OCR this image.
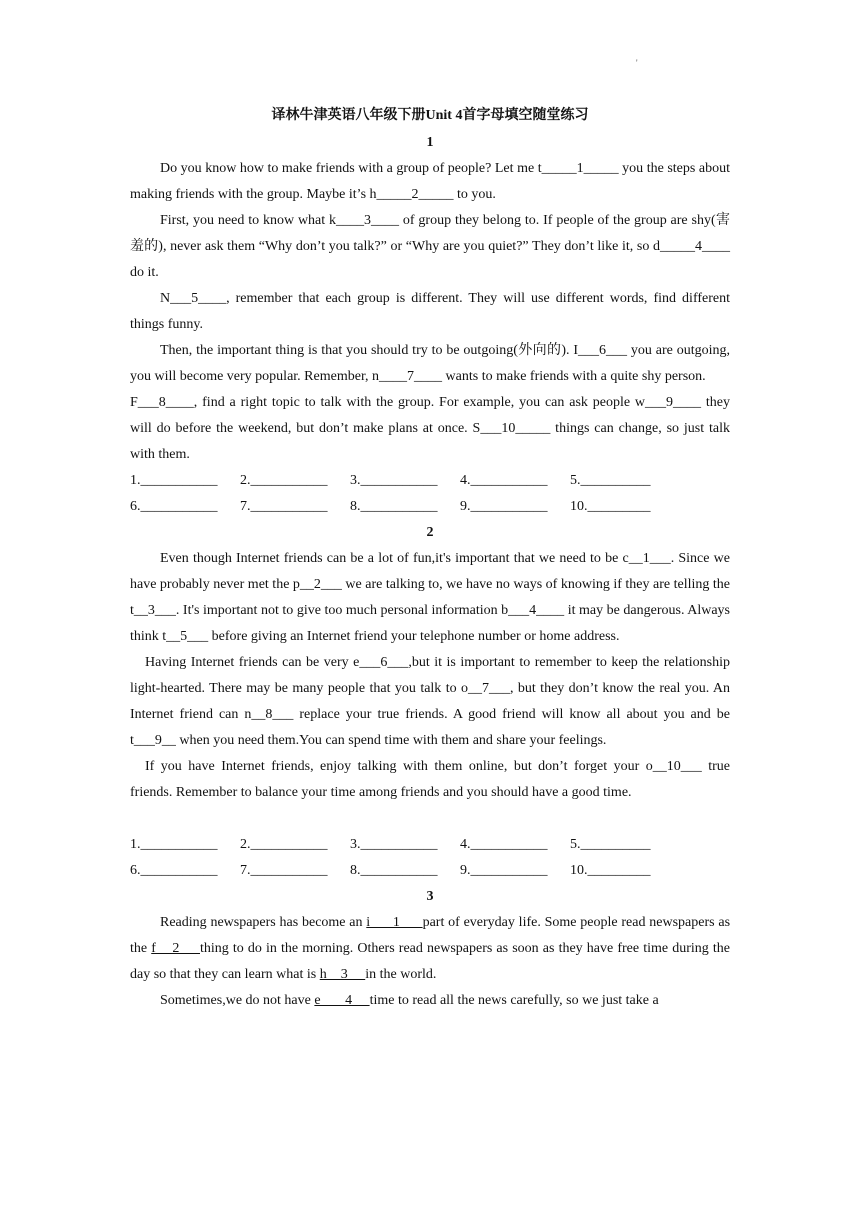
'
译林牛津英语八年级下册Unit 4首字母填空随堂练习
1

Do you know how to make friends with a group of people? Let me t_____1_____ you the steps about making friends with the group. Maybe it’s h_____2_____ to you.

First, you need to know what k____3____ of group they belong to. If people of the group are shy(害羞的), never ask them “Why don’t you talk?” or “Why are you quiet?” They don’t like it, so d_____4____ do it.

N___5____, remember that each group is different. They will use different words, find different things funny.

Then, the important thing is that you should try to be outgoing(外向的). I___6___ you are outgoing, you will become very popular. Remember, n____7____ wants to make friends with a quite shy person.

F___8____, find a right topic to talk with the group. For example, you can ask people w___9____ they will do before the weekend, but don’t make plans at once. S___10_____ things can change, so just talk with them.

1.___________	2.___________	3.___________	4.___________	5.__________
6.___________	7.___________	8.___________	9.___________	10._________
2

Even though Internet friends can be a lot of fun,it's important that we need to be c__1___. Since we have probably never met the p__2___ we are talking to, we have no ways of knowing if they are telling the t__3___. It's important not to give too much personal information b___4____ it may be dangerous. Always think t__5___ before giving an Internet friend your telephone number or home address.

Having Internet friends can be very e___6___,but it is important to remember to keep the relationship light-hearted. There may be many people that you talk to o__7___, but they don’t know the real you. An Internet friend can n__8___ replace your true friends. A good friend will know all about you and be t___9__ when you need them.You can spend time with them and share your feelings.

If you have Internet friends, enjoy talking with them online, but don’t forget your o__10___ true friends. Remember to balance your time among friends and you should have a good time.

1.___________	2.___________	3.___________	4.___________	5.__________
6.___________	7.___________	8.___________	9.___________	10._________
3

Reading newspapers has become an i      1      part of everyday life. Some people read newspapers as the f    2     thing to do in the morning. Others read newspapers as soon as they have free time during the day so that they can learn what is h    3     in the world.

Sometimes,we do not have e       4     time to read all the news carefully, so we just take a
